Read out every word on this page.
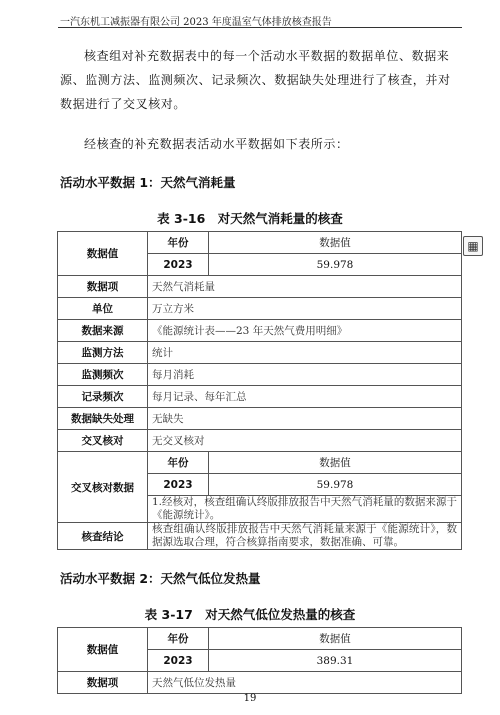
一汽东机工减振器有限公司 2023 年度温室气体排放核查报告
核查组对补充数据表中的每一个活动水平数据的数据单位、数据来源、监测方法、监测频次、记录频次、数据缺失处理进行了核查，并对数据进行了交叉核对。
经核查的补充数据表活动水平数据如下表所示：
活动水平数据 1：天然气消耗量
表 3-16　对天然气消耗量的核查
数据值	年份	数据值
	2023	59.978
数据项	天然气消耗量	
单位	万立方米	
数据来源	《能源统计表——23 年天然气费用明细》	
监测方法	统计	
监测频次	每月消耗	
记录频次	每月记录、每年汇总	
数据缺失处理	无缺失	
交叉核对	无交叉核对	
交叉核对数据	年份	数据值
	2023	59.978
	1.经核对，核查组确认终版排放报告中天然气消耗量的数据来源于《能源统计》。	
核查结论	核查组确认终版排放报告中天然气消耗量来源于《能源统计》，数据源选取合理，符合核算指南要求，数据准确、可靠。	
▦
活动水平数据 2：天然气低位发热量
表 3-17　对天然气低位发热量的核查
数据值	年份	数据值
	2023	389.31
数据项	天然气低位发热量	
19
